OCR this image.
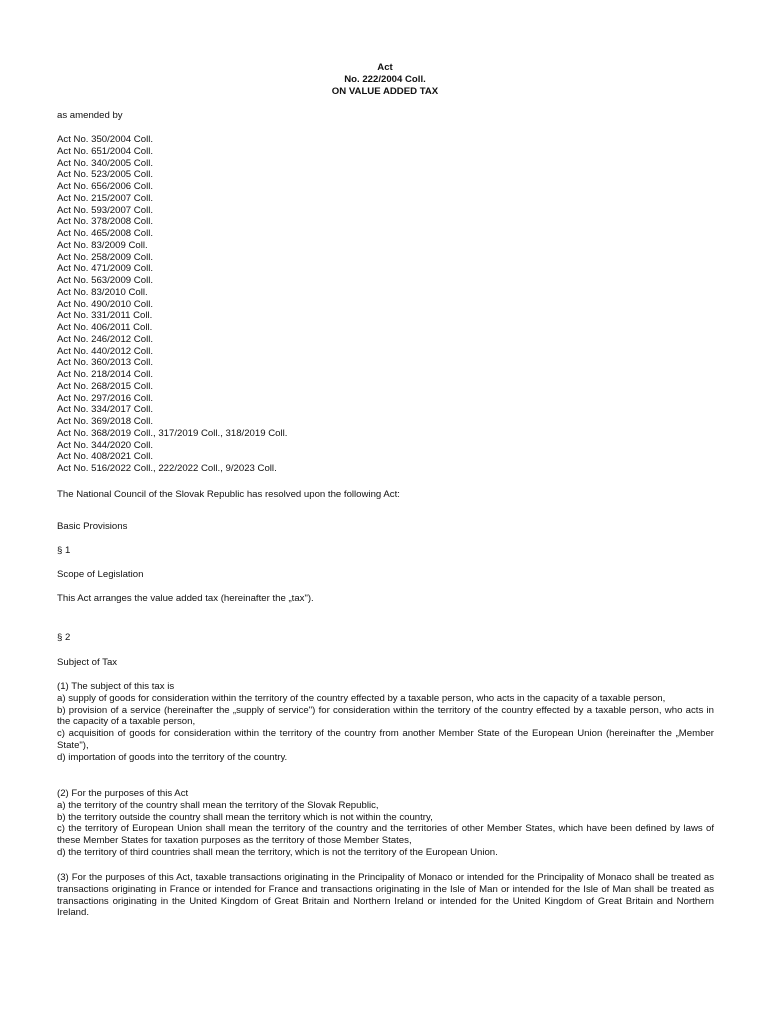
Act
No. 222/2004 Coll.
ON VALUE ADDED TAX
as amended by
Act No. 350/2004 Coll.
Act No. 651/2004 Coll.
Act No. 340/2005 Coll.
Act No. 523/2005 Coll.
Act No. 656/2006 Coll.
Act No. 215/2007 Coll.
Act No. 593/2007 Coll.
Act No. 378/2008 Coll.
Act No. 465/2008 Coll.
Act No. 83/2009 Coll.
Act No. 258/2009 Coll.
Act No. 471/2009 Coll.
Act No. 563/2009 Coll.
Act No. 83/2010 Coll.
Act No. 490/2010 Coll.
Act No. 331/2011 Coll.
Act No. 406/2011 Coll.
Act No. 246/2012 Coll.
Act No. 440/2012 Coll.
Act No. 360/2013 Coll.
Act No. 218/2014 Coll.
Act No. 268/2015 Coll.
Act No. 297/2016 Coll.
Act No. 334/2017 Coll.
Act No. 369/2018 Coll.
Act No. 368/2019 Coll., 317/2019 Coll., 318/2019 Coll.
Act No. 344/2020 Coll.
Act No. 408/2021 Coll.
Act No. 516/2022 Coll., 222/2022 Coll., 9/2023 Coll.
The National Council of the Slovak Republic has resolved upon the following Act:
Basic Provisions
§ 1
Scope of Legislation
This Act arranges the value added tax (hereinafter the „tax").
§ 2
Subject of Tax

(1) The subject of this tax is

a) supply of goods for consideration within the territory of the country effected by a taxable person, who acts in the capacity of a taxable person,

b) provision of a service (hereinafter the „supply of service") for consideration within the territory of the country effected by a taxable person, who acts in the capacity of a taxable person,

c) acquisition of goods for consideration within the territory of the country from another Member State of the European Union (hereinafter the „Member State"),

d) importation of goods into the territory of the country.

(2) For the purposes of this Act

a) the territory of the country shall mean the territory of the Slovak Republic,

b) the territory outside the country shall mean the territory which is not within the country,

c) the territory of European Union shall mean the territory of the country and the territories of other Member States, which have been defined by laws of these Member States for taxation purposes as the territory of those Member States,

d) the territory of third countries shall mean the territory, which is not the territory of the European Union.

(3) For the purposes of this Act, taxable transactions originating in the Principality of Monaco or intended for the Principality of Monaco shall be treated as transactions originating in France or intended for France and transactions originating in the Isle of Man or intended for the Isle of Man shall be treated as transactions originating in the United Kingdom of Great Britain and Northern Ireland or intended for the United Kingdom of Great Britain and Northern Ireland.
